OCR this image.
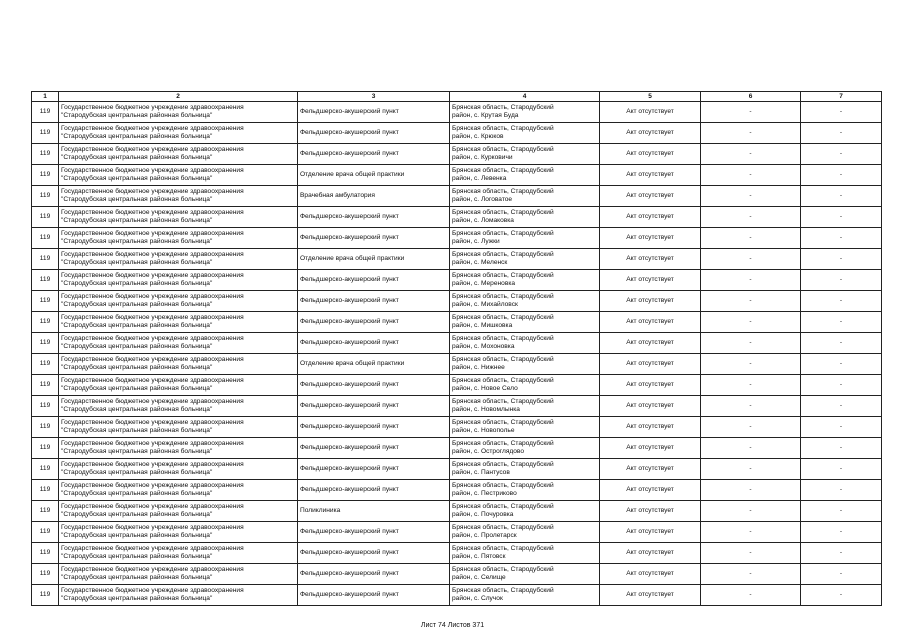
1	2	3	4	5	6	7
119	Государственное бюджетное учреждение здравоохранения
"Стародубская центральная районная больница"	Фельдшерско-акушерский пункт	Брянская область, Стародубский
район, с. Крутая Буда	Акт отсутствует	-	-
119	Государственное бюджетное учреждение здравоохранения
"Стародубская центральная районная больница"	Фельдшерско-акушерский пункт	Брянская область, Стародубский
район, с. Крюков	Акт отсутствует	-	-
119	Государственное бюджетное учреждение здравоохранения
"Стародубская центральная районная больница"	Фельдшерско-акушерский пункт	Брянская область, Стародубский
район, с. Курковичи	Акт отсутствует	-	-
119	Государственное бюджетное учреждение здравоохранения
"Стародубская центральная районная больница"	Отделение врача общей практики	Брянская область, Стародубский
район, с. Левенка	Акт отсутствует	-	-
119	Государственное бюджетное учреждение здравоохранения
"Стародубская центральная районная больница"	Врачебная амбулатория	Брянская область, Стародубский
район, с. Логоватое	Акт отсутствует	-	-
119	Государственное бюджетное учреждение здравоохранения
"Стародубская центральная районная больница"	Фельдшерско-акушерский пункт	Брянская область, Стародубский
район, с. Ломаковка	Акт отсутствует	-	-
119	Государственное бюджетное учреждение здравоохранения
"Стародубская центральная районная больница"	Фельдшерско-акушерский пункт	Брянская область, Стародубский
район, с. Лужки	Акт отсутствует	-	-
119	Государственное бюджетное учреждение здравоохранения
"Стародубская центральная районная больница"	Отделение врача общей практики	Брянская область, Стародубский
район, с. Меленск	Акт отсутствует	-	-
119	Государственное бюджетное учреждение здравоохранения
"Стародубская центральная районная больница"	Фельдшерско-акушерский пункт	Брянская область, Стародубский
район, с. Мереновка	Акт отсутствует	-	-
119	Государственное бюджетное учреждение здравоохранения
"Стародубская центральная районная больница"	Фельдшерско-акушерский пункт	Брянская область, Стародубский
район, с. Михайловск	Акт отсутствует	-	-
119	Государственное бюджетное учреждение здравоохранения
"Стародубская центральная районная больница"	Фельдшерско-акушерский пункт	Брянская область, Стародубский
район, с. Мишковка	Акт отсутствует	-	-
119	Государственное бюджетное учреждение здравоохранения
"Стародубская центральная районная больница"	Фельдшерско-акушерский пункт	Брянская область, Стародубский
район, с. Мохоновка	Акт отсутствует	-	-
119	Государственное бюджетное учреждение здравоохранения
"Стародубская центральная районная больница"	Отделение врача общей практики	Брянская область, Стародубский
район, с. Нижнее	Акт отсутствует	-	-
119	Государственное бюджетное учреждение здравоохранения
"Стародубская центральная районная больница"	Фельдшерско-акушерский пункт	Брянская область, Стародубский
район, с. Новое Село	Акт отсутствует	-	-
119	Государственное бюджетное учреждение здравоохранения
"Стародубская центральная районная больница"	Фельдшерско-акушерский пункт	Брянская область, Стародубский
район, с. Новомлынка	Акт отсутствует	-	-
119	Государственное бюджетное учреждение здравоохранения
"Стародубская центральная районная больница"	Фельдшерско-акушерский пункт	Брянская область, Стародубский
район, с. Новополье	Акт отсутствует	-	-
119	Государственное бюджетное учреждение здравоохранения
"Стародубская центральная районная больница"	Фельдшерско-акушерский пункт	Брянская область, Стародубский
район, с. Остроглядово	Акт отсутствует	-	-
119	Государственное бюджетное учреждение здравоохранения
"Стародубская центральная районная больница"	Фельдшерско-акушерский пункт	Брянская область, Стародубский
район, с. Пантусов	Акт отсутствует	-	-
119	Государственное бюджетное учреждение здравоохранения
"Стародубская центральная районная больница"	Фельдшерско-акушерский пункт	Брянская область, Стародубский
район, с. Пестриково	Акт отсутствует	-	-
119	Государственное бюджетное учреждение здравоохранения
"Стародубская центральная районная больница"	Поликлиника	Брянская область, Стародубский
район, с. Почуровка	Акт отсутствует	-	-
119	Государственное бюджетное учреждение здравоохранения
"Стародубская центральная районная больница"	Фельдшерско-акушерский пункт	Брянская область, Стародубский
район, с. Пролетарск	Акт отсутствует	-	-
119	Государственное бюджетное учреждение здравоохранения
"Стародубская центральная районная больница"	Фельдшерско-акушерский пункт	Брянская область, Стародубский
район, с. Пятовск	Акт отсутствует	-	-
119	Государственное бюджетное учреждение здравоохранения
"Стародубская центральная районная больница"	Фельдшерско-акушерский пункт	Брянская область, Стародубский
район, с. Селище	Акт отсутствует	-	-
119	Государственное бюджетное учреждение здравоохранения
"Стародубская центральная районная больница"	Фельдшерско-акушерский пункт	Брянская область, Стародубский
район, с. Случок	Акт отсутствует	-	-
Лист 74 Листов 371
